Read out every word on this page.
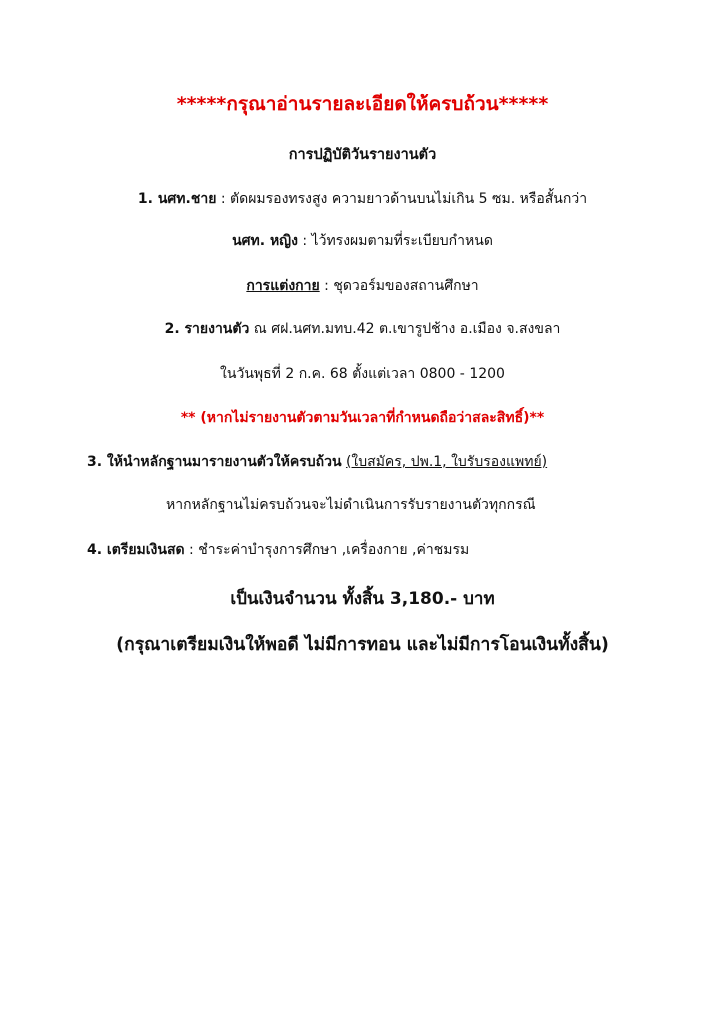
*****กรุณาอ่านรายละเอียดให้ครบถ้วน*****
การปฏิบัติวันรายงานตัว
1. นศท.ชาย : ตัดผมรองทรงสูง ความยาวด้านบนไม่เกิน 5 ซม. หรือสั้นกว่า
นศท. หญิง : ไว้ทรงผมตามที่ระเบียบกำหนด
การแต่งกาย : ชุดวอร์มของสถานศึกษา
2. รายงานตัว ณ ศฝ.นศท.มทบ.42 ต.เขารูปช้าง อ.เมือง จ.สงขลา
ในวันพุธที่ 2 ก.ค. 68 ตั้งแต่เวลา 0800 - 1200
** (หากไม่รายงานตัวตามวันเวลาที่กำหนดถือว่าสละสิทธิ์)**
3. ให้นำหลักฐานมารายงานตัวให้ครบถ้วน (ใบสมัคร, ปพ.1, ใบรับรองแพทย์)
หากหลักฐานไม่ครบถ้วนจะไม่ดำเนินการรับรายงานตัวทุกกรณี
4. เตรียมเงินสด : ชำระค่าบำรุงการศึกษา ,เครื่องกาย ,ค่าชมรม
เป็นเงินจำนวน ทั้งสิ้น 3,180.- บาท
(กรุณาเตรียมเงินให้พอดี ไม่มีการทอน และไม่มีการโอนเงินทั้งสิ้น)
